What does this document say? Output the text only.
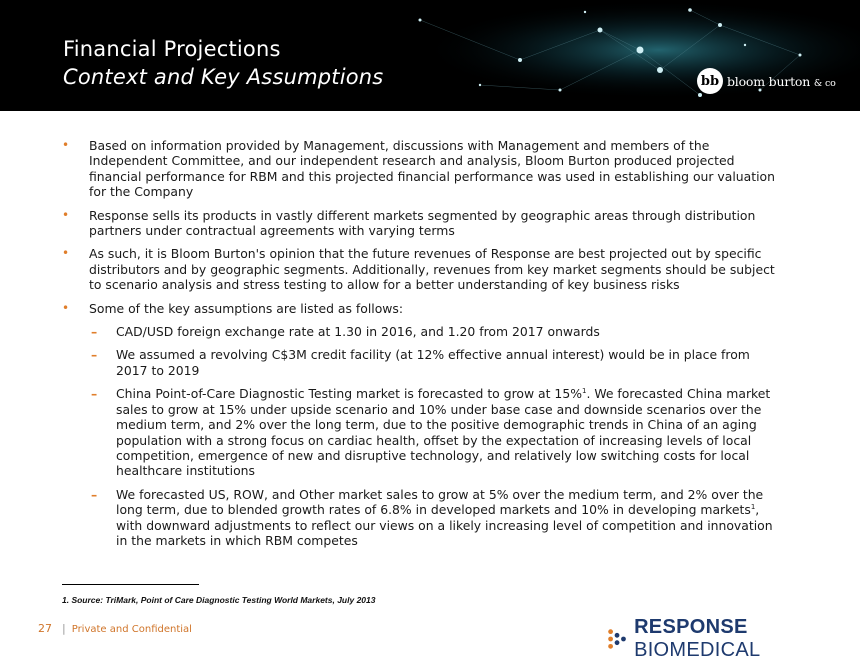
Financial Projections
Context and Key Assumptions	bb bloom burton & co
• Based on information provided by Management, discussions with Management and members of the Independent Committee, and our independent research and analysis, Bloom Burton produced projected financial performance for RBM and this projected financial performance was used in establishing our valuation for the Company
• Response sells its products in vastly different markets segmented by geographic areas through distribution partners under contractual agreements with varying terms
• As such, it is Bloom Burton's opinion that the future revenues of Response are best projected out by specific distributors and by geographic segments. Additionally, revenues from key market segments should be subject to scenario analysis and stress testing to allow for a better understanding of key business risks
• Some of the key assumptions are listed as follows:
– CAD/USD foreign exchange rate at 1.30 in 2016, and 1.20 from 2017 onwards
– We assumed a revolving C$3M credit facility (at 12% effective annual interest) would be in place from 2017 to 2019
– China Point-of-Care Diagnostic Testing market is forecasted to grow at 15%$^1$. We forecasted China market sales to grow at 15% under upside scenario and 10% under base case and downside scenarios over the medium term, and 2% over the long term, due to the positive demographic trends in China of an aging population with a strong focus on cardiac health, offset by the expectation of increasing levels of local competition, emergence of new and disruptive technology, and relatively low switching costs for local healthcare institutions
– We forecasted US, ROW, and Other market sales to grow at 5% over the medium term, and 2% over the long term, due to blended growth rates of 6.8% in developed markets and 10% in developing markets$^1$, with downward adjustments to reflect our views on a likely increasing level of competition and innovation in the markets in which RBM competes
1. Source: TriMark, Point of Care Diagnostic Testing World Markets, July 2013
27 | Private and Confidential	RESPONSE BIOMEDICAL
